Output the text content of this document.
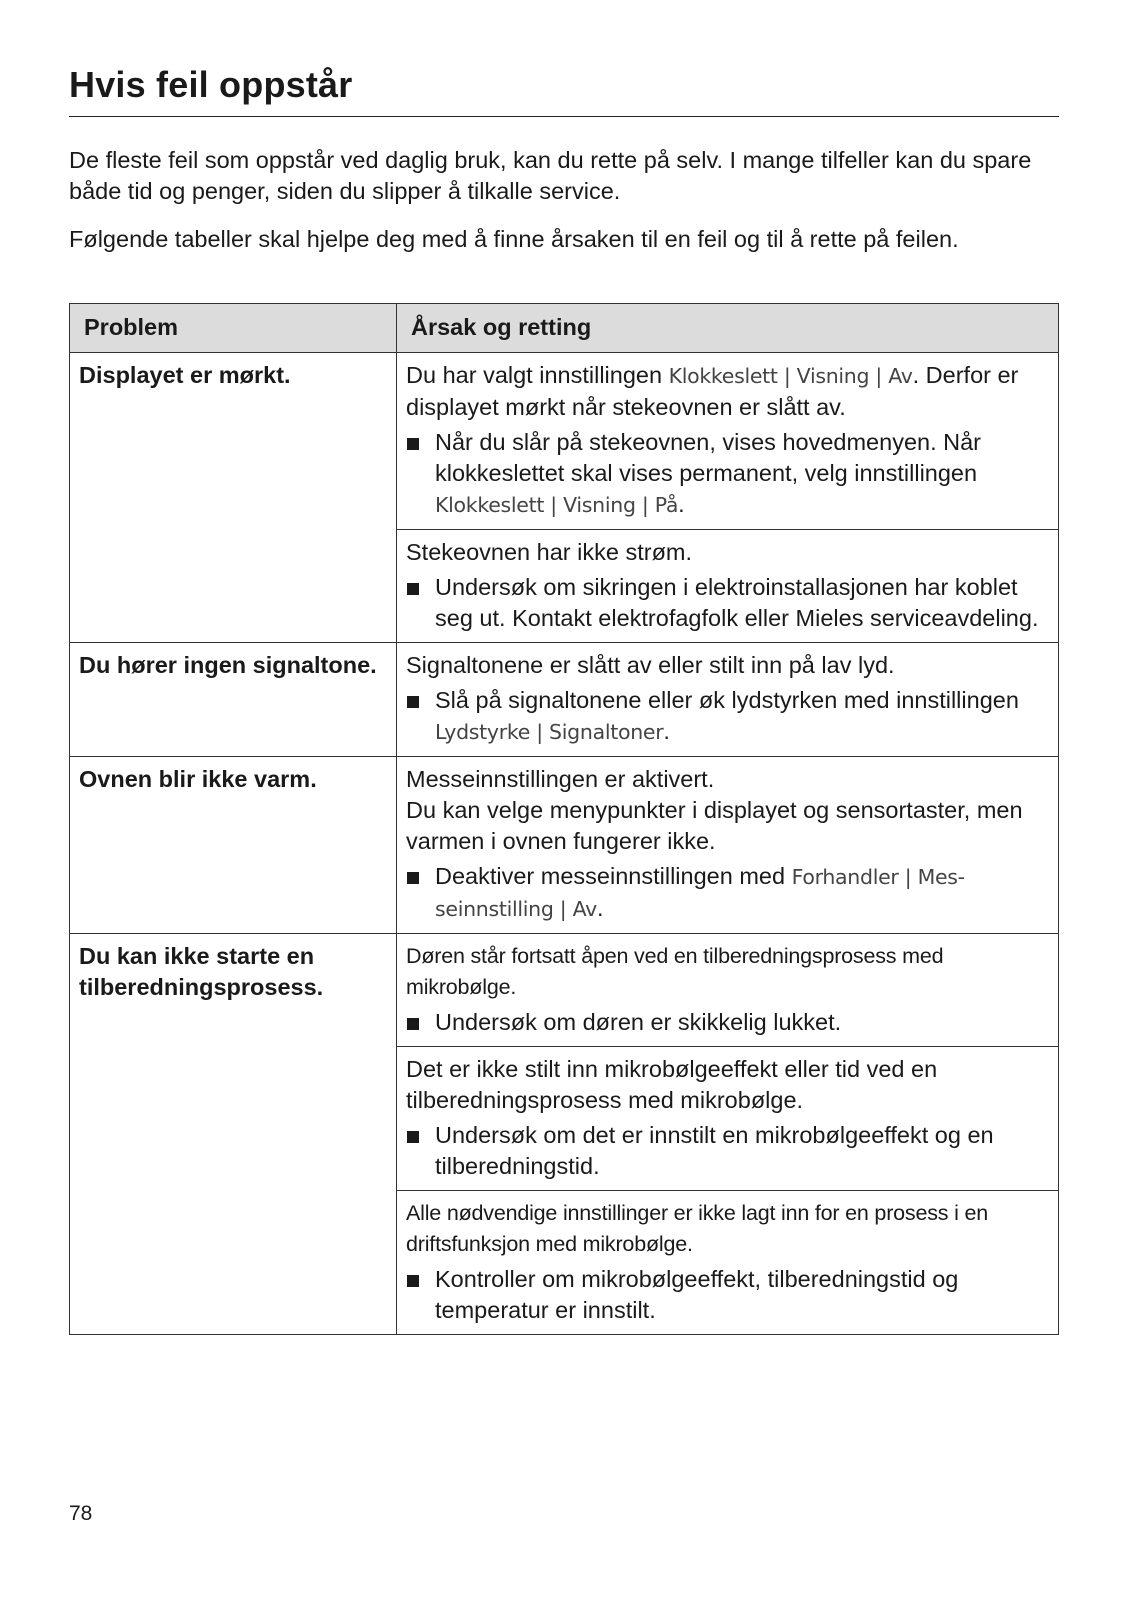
Hvis feil oppstår

De fleste feil som oppstår ved daglig bruk, kan du rette på selv. I mange tilfeller kan du spare både tid og penger, siden du slipper å tilkalle service.

Følgende tabeller skal hjelpe deg med å finne årsaken til en feil og til å rette på feilen.

Problem	Årsak og retting
Displayet er mørkt.	Du har valgt innstillingen Klokkeslett | Visning | Av. Derfor er displayet mørkt når stekeovnen er slått av.
Når du slår på stekeovnen, vises hovedmenyen. Når klokkeslettet skal vises permanent, velg innstillingen Klokkeslett | Visning | På.

	Stekeovnen har ikke strøm.
Undersøk om sikringen i elektroinstallasjonen har koblet seg ut. Kontakt elektrofagfolk eller Mieles serviceavdeling.

Du hører ingen signaltone.	Signaltonene er slått av eller stilt inn på lav lyd.
Slå på signaltonene eller øk lydstyrken med innstillingen Lydstyrke | Signaltoner.

Ovnen blir ikke varm.	Messeinnstillingen er aktivert.
Du kan velge menypunkter i displayet og sensortaster, men varmen i ovnen fungerer ikke.
Deaktiver messeinnstillingen med Forhandler | Messeinnstilling | Av.

Du kan ikke starte en tilberedningsprosess.	Døren står fortsatt åpen ved en tilberedningsprosess med mikrobølge.
Undersøk om døren er skikkelig lukket.

	Det er ikke stilt inn mikrobølgeeffekt eller tid ved en tilberedningsprosess med mikrobølge.
Undersøk om det er innstilt en mikrobølgeeffekt og en tilberedningstid.

	Alle nødvendige innstillinger er ikke lagt inn for en prosess i en driftsfunksjon med mikrobølge.
Kontroller om mikrobølgeeffekt, tilberedningstid og temperatur er innstilt.
78
